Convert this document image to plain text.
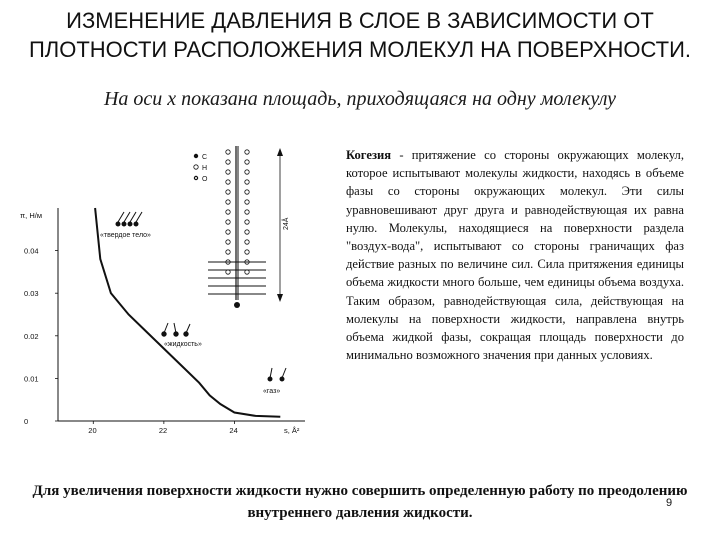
ИЗМЕНЕНИЕ ДАВЛЕНИЯ В СЛОЕ В ЗАВИСИМОСТИ ОТ ПЛОТНОСТИ РАСПОЛОЖЕНИЯ МОЛЕКУЛ НА ПОВЕРХНОСТИ.
На оси х показана площадь, приходящаяся на одну молекулу
π, Н/м
0.04
0.03
0.02
0.01
0
20	22	24	s, Å²
C
H
O
24Å
«твердое тело»
«жидкость»
«газ»
Когезия - притяжение со стороны окружающих молекул, которое испытывают молекулы жидкости, находясь в объеме фазы со стороны окружающих молекул. Эти силы уравновешивают друг друга и равнодействующая их равна нулю. Молекулы, находящиеся на поверхности раздела "воздух-вода", испытывают со стороны граничащих фаз действие разных по величине сил. Сила притяжения единицы объема жидкости много больше, чем единицы объема воздуха. Таким образом, равнодействующая сила, действующая на молекулы на поверхности жидкости, направлена внутрь объема жидкой фазы, сокращая площадь поверхности до минимально возможного значения при данных условиях.
Для увеличения поверхности жидкости нужно совершить определенную работу по преодолению внутреннего давления жидкости.
9
